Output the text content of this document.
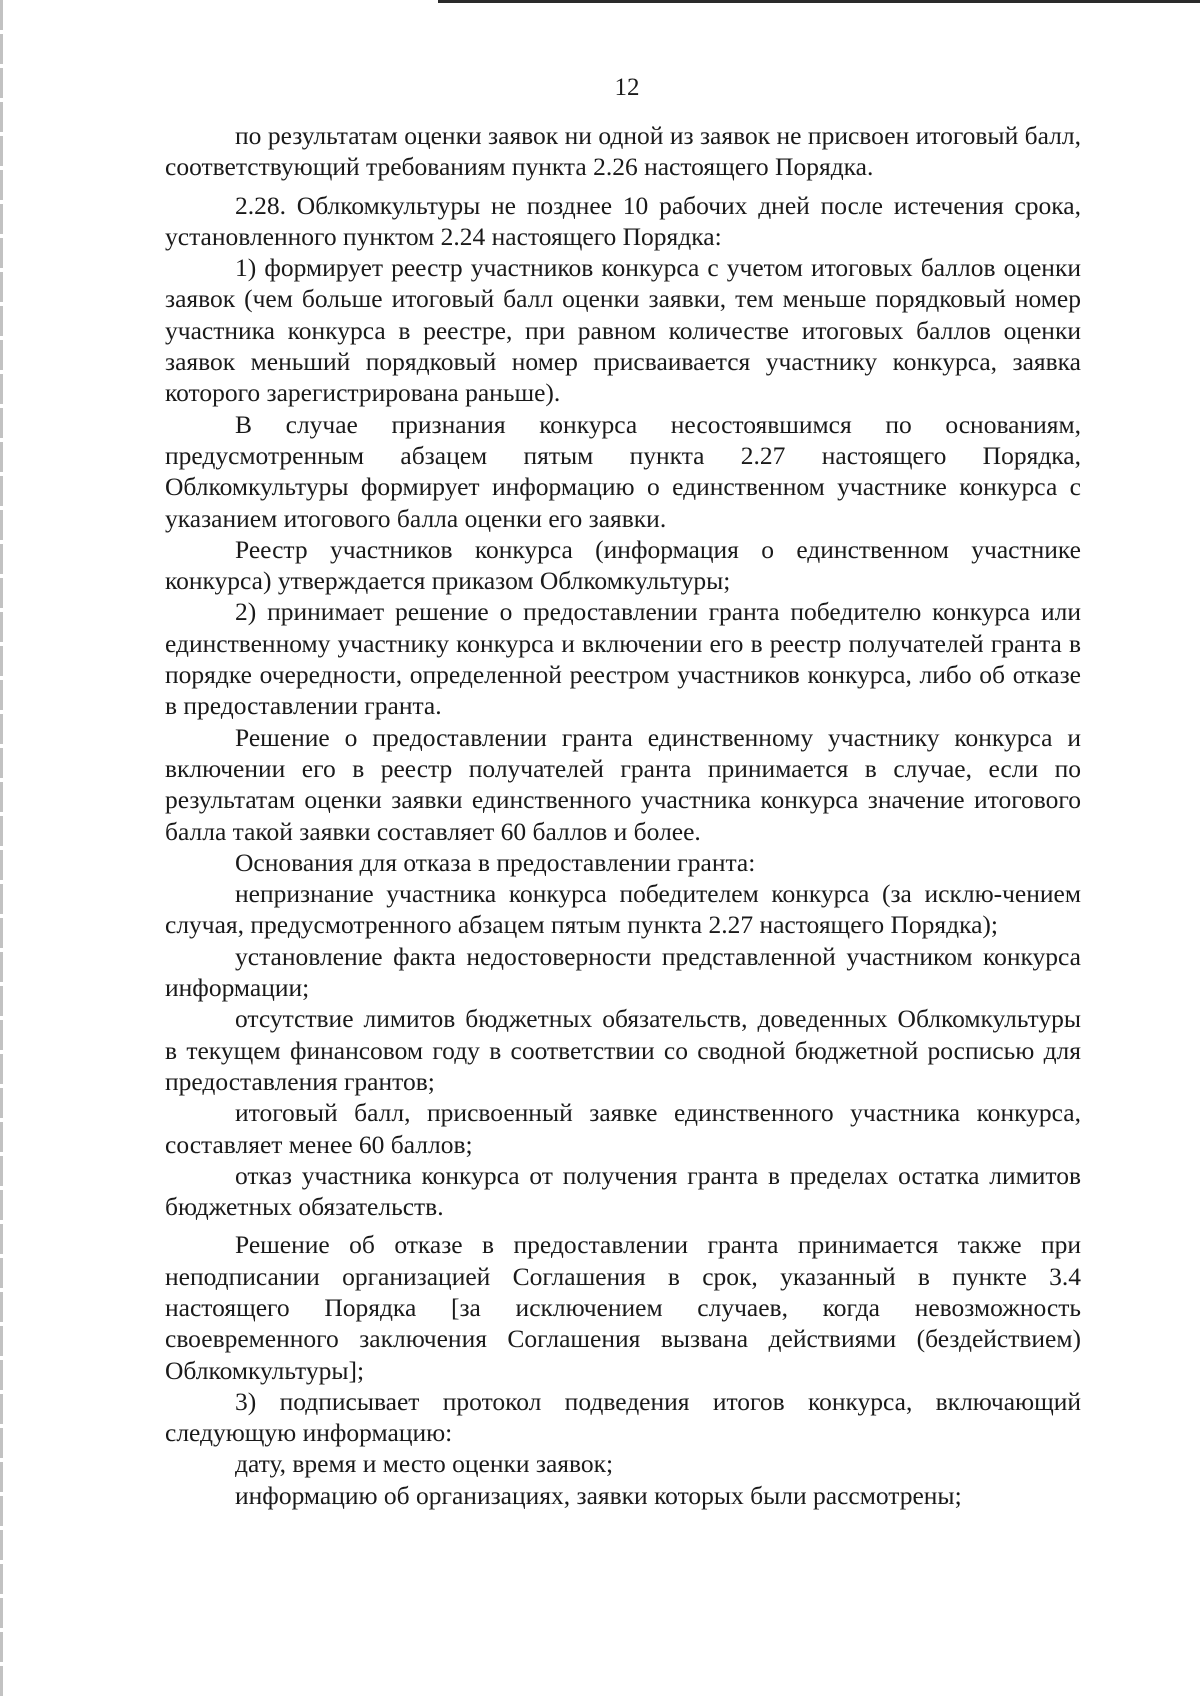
12

по результатам оценки заявок ни одной из заявок не присвоен итоговый балл, соответствующий требованиям пункта 2.26 настоящего Порядка.

2.28. Облкомкультуры не позднее 10 рабочих дней после истечения срока, установленного пунктом 2.24 настоящего Порядка:

1) формирует реестр участников конкурса с учетом итоговых баллов оценки заявок (чем больше итоговый балл оценки заявки, тем меньше порядковый номер участника конкурса в реестре, при равном количестве итоговых баллов оценки заявок меньший порядковый номер присваивается участнику конкурса, заявка которого зарегистрирована раньше).

В случае признания конкурса несостоявшимся по основаниям, предусмотренным абзацем пятым пункта 2.27 настоящего Порядка, Облкомкультуры формирует информацию о единственном участнике конкурса с указанием итогового балла оценки его заявки.

Реестр участников конкурса (информация о единственном участнике конкурса) утверждается приказом Облкомкультуры;

2) принимает решение о предоставлении гранта победителю конкурса или единственному участнику конкурса и включении его в реестр получателей гранта в порядке очередности, определенной реестром участников конкурса, либо об отказе в предоставлении гранта.

Решение о предоставлении гранта единственному участнику конкурса и включении его в реестр получателей гранта принимается в случае, если по результатам оценки заявки единственного участника конкурса значение итогового балла такой заявки составляет 60 баллов и более.

Основания для отказа в предоставлении гранта:

непризнание участника конкурса победителем конкурса (за исклю-чением случая, предусмотренного абзацем пятым пункта 2.27 настоящего Порядка);

установление факта недостоверности представленной участником конкурса информации;

отсутствие лимитов бюджетных обязательств, доведенных Облкомкультуры в текущем финансовом году в соответствии со сводной бюджетной росписью для предоставления грантов;

итоговый балл, присвоенный заявке единственного участника конкурса, составляет менее 60 баллов;

отказ участника конкурса от получения гранта в пределах остатка лимитов бюджетных обязательств.

Решение об отказе в предоставлении гранта принимается также при неподписании организацией Соглашения в срок, указанный в пункте 3.4 настоящего Порядка [за исключением случаев, когда невозможность своевременного заключения Соглашения вызвана действиями (бездействием) Облкомкультуры];

3) подписывает протокол подведения итогов конкурса, включающий следующую информацию:

дату, время и место оценки заявок;

информацию об организациях, заявки которых были рассмотрены;
